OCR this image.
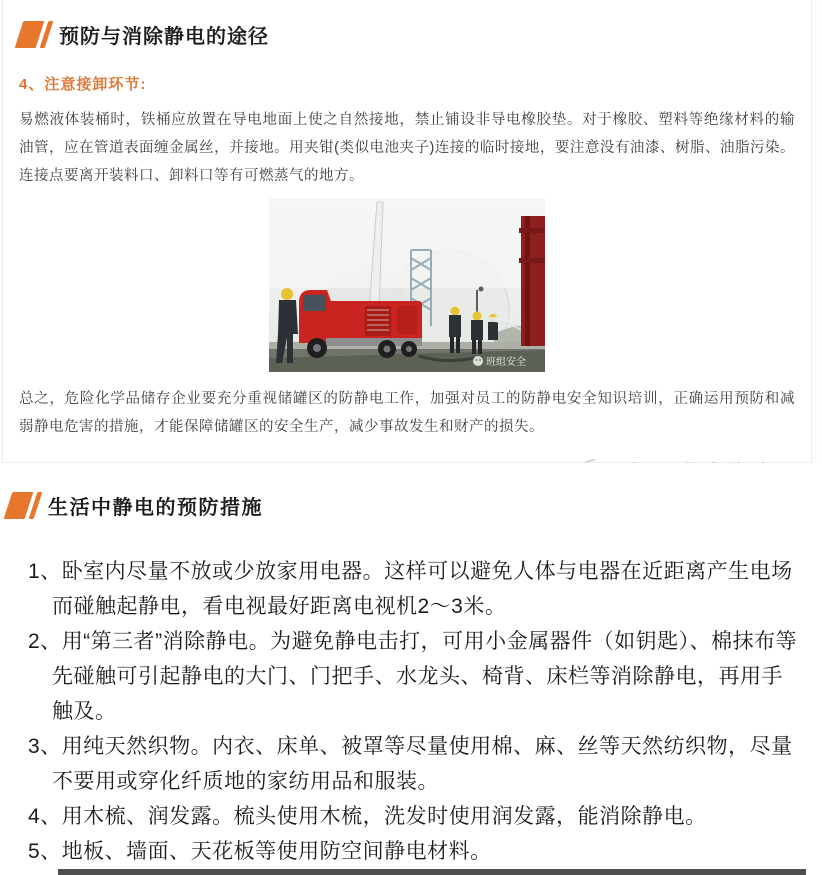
预防与消除静电的途径
4、注意接卸环节:
易燃液体装桶时，铁桶应放置在导电地面上使之自然接地，禁止铺设非导电橡胶垫。对于橡胶、塑料等绝缘材料的输油管，应在管道表面缠金属丝，并接地。用夹钳(类似电池夹子)连接的临时接地，要注意没有油漆、树脂、油脂污染。连接点要离开装料口、卸料口等有可燃蒸气的地方。
班组安全
总之，危险化学品储存企业要充分重视储罐区的防静电工作，加强对员工的防静电安全知识培训，正确运用预防和减弱静电危害的措施，才能保障储罐区的安全生产，减少事故发生和财产的损失。
生活中静电的预防措施
1、卧室内尽量不放或少放家用电器。这样可以避免人体与电器在近距离产生电场而碰触起静电，看电视最好距离电视机2～3米。
2、用“第三者”消除静电。为避免静电击打，可用小金属器件（如钥匙）、棉抹布等先碰触可引起静电的大门、门把手、水龙头、椅背、床栏等消除静电，再用手触及。
3、用纯天然织物。内衣、床单、被罩等尽量使用棉、麻、丝等天然纺织物，尽量不要用或穿化纤质地的家纺用品和服装。
4、用木梳、润发露。梳头使用木梳，洗发时使用润发露，能消除静电。
5、地板、墙面、天花板等使用防空间静电材料。
